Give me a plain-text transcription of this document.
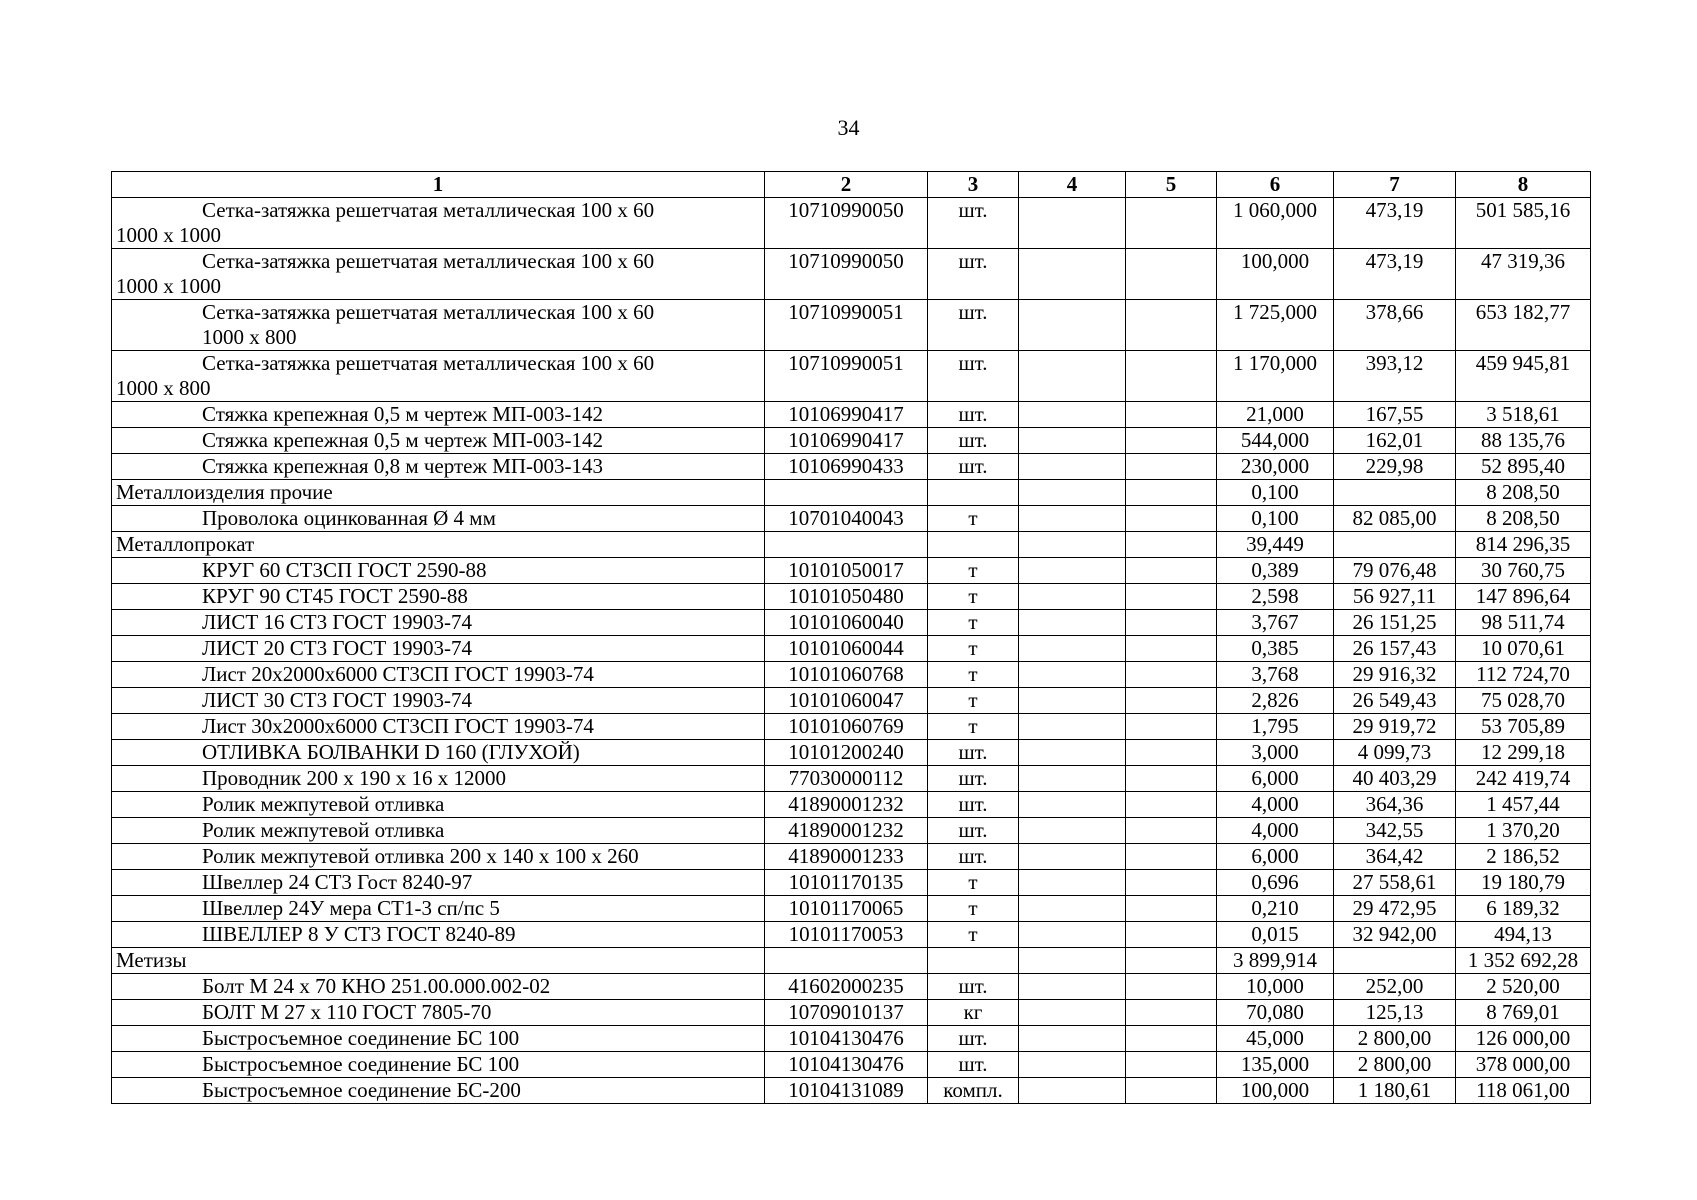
34
1	2	3	4	5	6	7	8

Сетка-затяжка решетчатая металлическая 100 х 60
1000 х 1000	10710990050	шт.			1 060,000	473,19	501 585,16

Сетка-затяжка решетчатая металлическая 100 х 60
1000 х 1000	10710990050	шт.			100,000	473,19	47 319,36

Сетка-затяжка решетчатая металлическая 100 х 60
1000 х 800	10710990051	шт.			1 725,000	378,66	653 182,77

Сетка-затяжка решетчатая металлическая 100 х 60
1000 х 800	10710990051	шт.			1 170,000	393,12	459 945,81

Стяжка крепежная 0,5 м чертеж МП-003-142	10106990417	шт.			21,000	167,55	3 518,61

Стяжка крепежная 0,5 м чертеж МП-003-142	10106990417	шт.			544,000	162,01	88 135,76

Стяжка крепежная 0,8 м чертеж МП-003-143	10106990433	шт.			230,000	229,98	52 895,40
Металлоизделия прочие					0,100		8 208,50

Проволока оцинкованная Ø 4 мм	10701040043	т			0,100	82 085,00	8 208,50
Металлопрокат					39,449		814 296,35

КРУГ 60 СТ3СП ГОСТ 2590-88	10101050017	т			0,389	79 076,48	30 760,75

КРУГ 90 СТ45 ГОСТ 2590-88	10101050480	т			2,598	56 927,11	147 896,64

ЛИСТ 16 СТ3 ГОСТ 19903-74	10101060040	т			3,767	26 151,25	98 511,74

ЛИСТ 20 СТ3 ГОСТ 19903-74	10101060044	т			0,385	26 157,43	10 070,61

Лист 20х2000х6000 СТ3СП ГОСТ 19903-74	10101060768	т			3,768	29 916,32	112 724,70

ЛИСТ 30 СТ3 ГОСТ 19903-74	10101060047	т			2,826	26 549,43	75 028,70

Лист 30х2000х6000 СТ3СП ГОСТ 19903-74	10101060769	т			1,795	29 919,72	53 705,89

ОТЛИВКА БОЛВАНКИ D 160 (ГЛУХОЙ)	10101200240	шт.			3,000	4 099,73	12 299,18

Проводник 200 х 190 х 16 х 12000	77030000112	шт.			6,000	40 403,29	242 419,74

Ролик межпутевой отливка	41890001232	шт.			4,000	364,36	1 457,44

Ролик межпутевой отливка	41890001232	шт.			4,000	342,55	1 370,20

Ролик межпутевой отливка 200 х 140 х 100 х 260	41890001233	шт.			6,000	364,42	2 186,52

Швеллер 24 СТ3 Гост 8240-97	10101170135	т			0,696	27 558,61	19 180,79

Швеллер 24У мера СТ1-3 сп/пс 5	10101170065	т			0,210	29 472,95	6 189,32

ШВЕЛЛЕР 8 У СТ3 ГОСТ 8240-89	10101170053	т			0,015	32 942,00	494,13
Метизы					3 899,914		1 352 692,28

Болт М 24 х 70 КНО 251.00.000.002-02	41602000235	шт.			10,000	252,00	2 520,00

БОЛТ М 27 х 110 ГОСТ 7805-70	10709010137	кг			70,080	125,13	8 769,01

Быстросъемное соединение БС 100	10104130476	шт.			45,000	2 800,00	126 000,00

Быстросъемное соединение БС 100	10104130476	шт.			135,000	2 800,00	378 000,00

Быстросъемное соединение БС-200	10104131089	компл.			100,000	1 180,61	118 061,00
